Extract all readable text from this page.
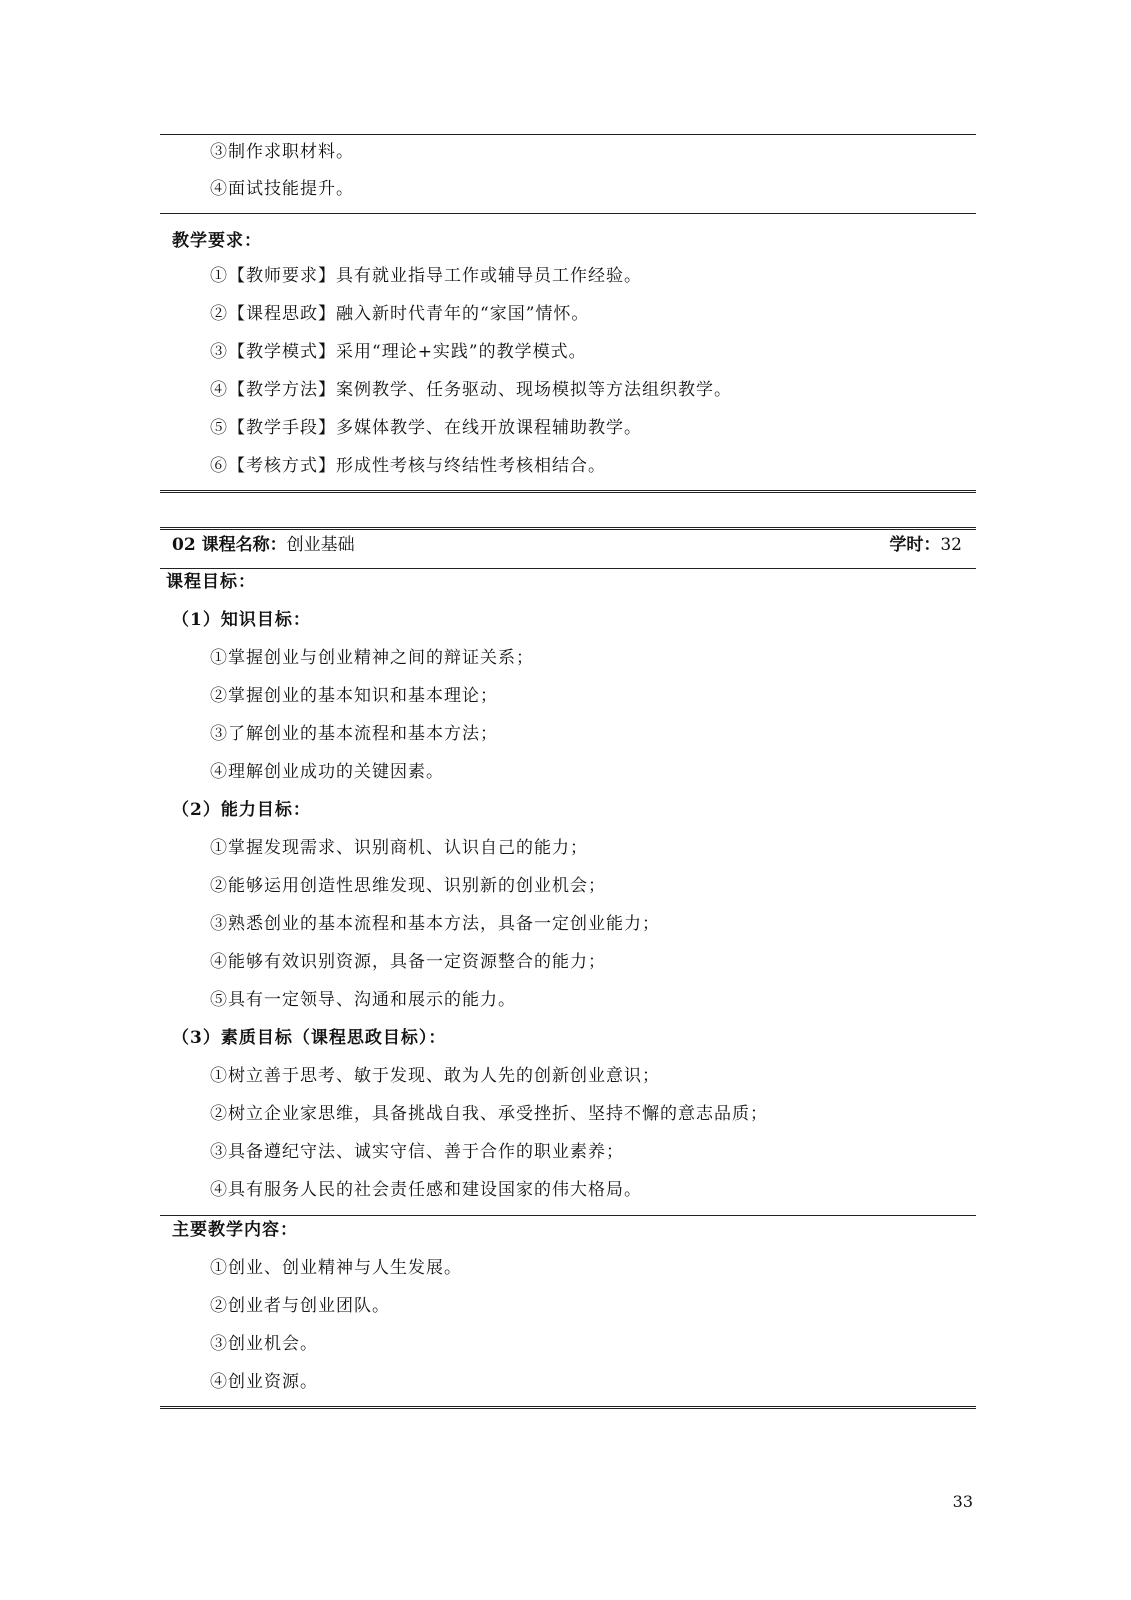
③制作求职材料。
④面试技能提升。
教学要求：
①【教师要求】具有就业指导工作或辅导员工作经验。
②【课程思政】融入新时代青年的“家国”情怀。
③【教学模式】采用“理论+实践”的教学模式。
④【教学方法】案例教学、任务驱动、现场模拟等方法组织教学。
⑤【教学手段】多媒体教学、在线开放课程辅助教学。
⑥【考核方式】形成性考核与终结性考核相结合。
02 课程名称：创业基础	学时：32
课程目标：
（1）知识目标：
①掌握创业与创业精神之间的辩证关系；
②掌握创业的基本知识和基本理论；
③了解创业的基本流程和基本方法；
④理解创业成功的关键因素。
（2）能力目标：
①掌握发现需求、识别商机、认识自己的能力；
②能够运用创造性思维发现、识别新的创业机会；
③熟悉创业的基本流程和基本方法，具备一定创业能力；
④能够有效识别资源，具备一定资源整合的能力；
⑤具有一定领导、沟通和展示的能力。
（3）素质目标（课程思政目标）：
①树立善于思考、敏于发现、敢为人先的创新创业意识；
②树立企业家思维，具备挑战自我、承受挫折、坚持不懈的意志品质；
③具备遵纪守法、诚实守信、善于合作的职业素养；
④具有服务人民的社会责任感和建设国家的伟大格局。
主要教学内容：
①创业、创业精神与人生发展。
②创业者与创业团队。
③创业机会。
④创业资源。
33
